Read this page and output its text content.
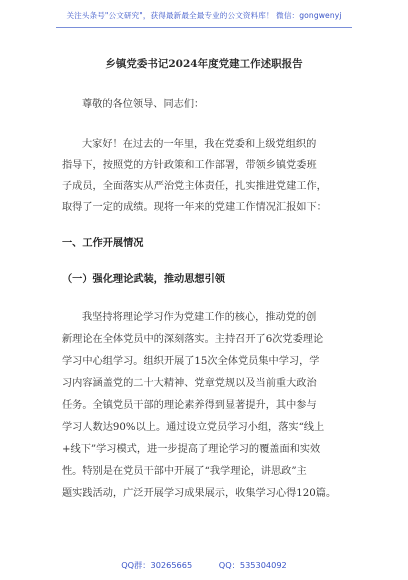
关注头条号"公文研究"，获得最新最全最专业的公文资料库！ 微信：gongwenyj
乡镇党委书记2024年度党建工作述职报告
尊敬的各位领导、同志们：
大家好！在过去的一年里，我在党委和上级党组织的
指导下，按照党的方针政策和工作部署，带领乡镇党委班
子成员，全面落实从严治党主体责任，扎实推进党建工作，
取得了一定的成绩。现将一年来的党建工作情况汇报如下：
一、工作开展情况
（一）强化理论武装，推动思想引领
我坚持将理论学习作为党建工作的核心，推动党的创
新理论在全体党员中的深刻落实。主持召开了6次党委理论
学习中心组学习。组织开展了15次全体党员集中学习，学
习内容涵盖党的二十大精神、党章党规以及当前重大政治
任务。全镇党员干部的理论素养得到显著提升，其中参与
学习人数达90%以上。通过设立党员学习小组，落实“线上
+线下”学习模式，进一步提高了理论学习的覆盖面和实效
性。特别是在党员干部中开展了“我学理论，讲思政”主
题实践活动，广泛开展学习成果展示，收集学习心得120篇。
QQ群：30265665	QQ：535304092
